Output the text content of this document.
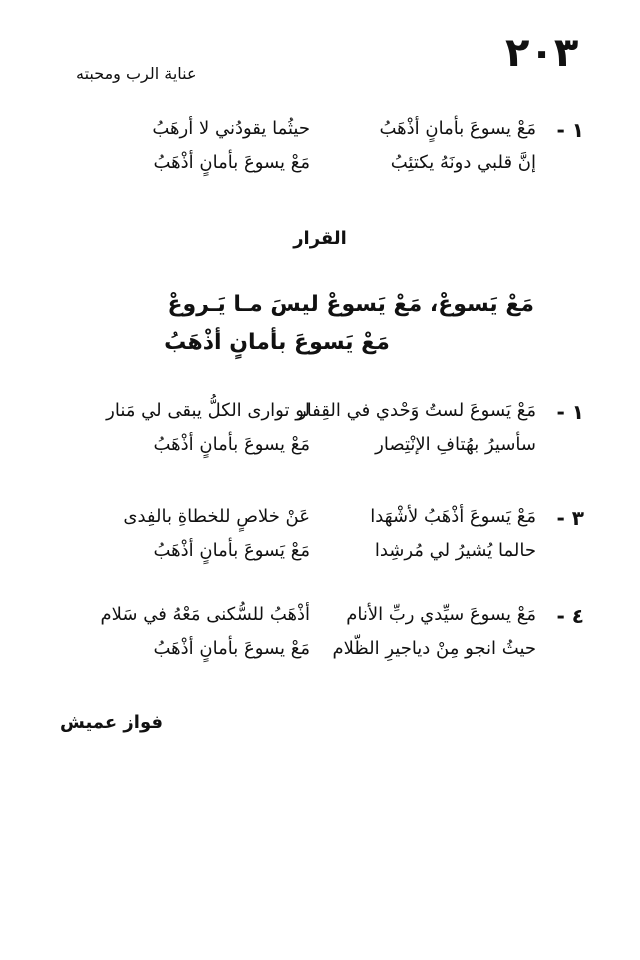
٢٠٣
عناية الرب ومحبته
١ -
مَعْ يسوعَ بأمانٍ أذْهَبُ
حيثُما يقودُني لا أرهَبُ
إنَّ قلبي دونَهُ يكتئِبُ
مَعْ يسوعَ بأمانٍ أذْهَبُ
القرار
مَعْ يَسوعْ، مَعْ يَسوعْ ليسَ مـا يَـروعْ
مَعْ يَسوعَ بأمانٍ أذْهَبُ
١ -
مَعْ يَسوعَ لستُ وَحْدي في القِفار
لو توارى الكلُّ يبقى لي مَنار
سأسيرُ بهُتافِ الإنْتِصار
مَعْ يسوعَ بأمانٍ أذْهَبُ
٣ -
مَعْ يَسوعَ أذْهَبُ لأشْهَدا
عَنْ خلاصٍ للخطاةِ بالفِدى
حالما يُشيرُ لي مُرشِدا
مَعْ يَسوعَ بأمانٍ أذْهَبُ
٤ -
مَعْ يسوعَ سيِّدي ربِّ الأنام
أذْهَبُ للسُّكنى مَعْهُ في سَلام
حيثُ انجو مِنْ دياجيرِ الظّلام
مَعْ يسوعَ بأمانٍ أذْهَبُ
فواز عميش
